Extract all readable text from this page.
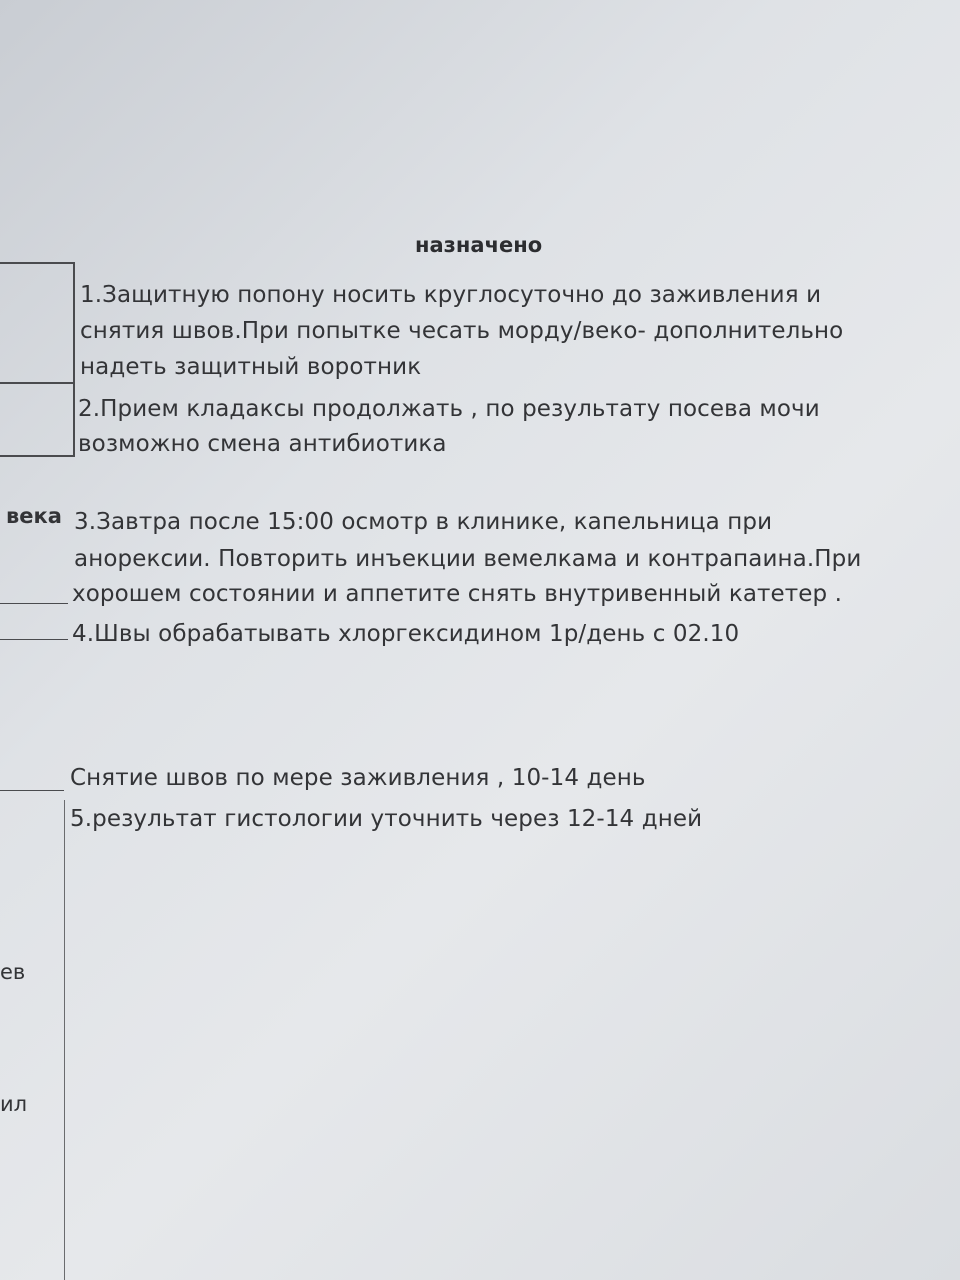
назначено
века
ев
ил
1.Защитную попону носить круглосуточно до заживления и
снятия швов.При попытке чесать морду/веко- дополнительно
надеть защитный воротник
2.Прием кладаксы продолжать , по результату посева мочи
возможно смена антибиотика
3.Завтра после 15:00 осмотр в клинике, капельница при
анорексии. Повторить инъекции вемелкама и контрапаина.При
хорошем состоянии и аппетите снять внутривенный катетер .
4.Швы обрабатывать хлоргексидином 1р/день с 02.10
Снятие швов по мере заживления , 10-14 день
5.результат гистологии уточнить через 12-14 дней
